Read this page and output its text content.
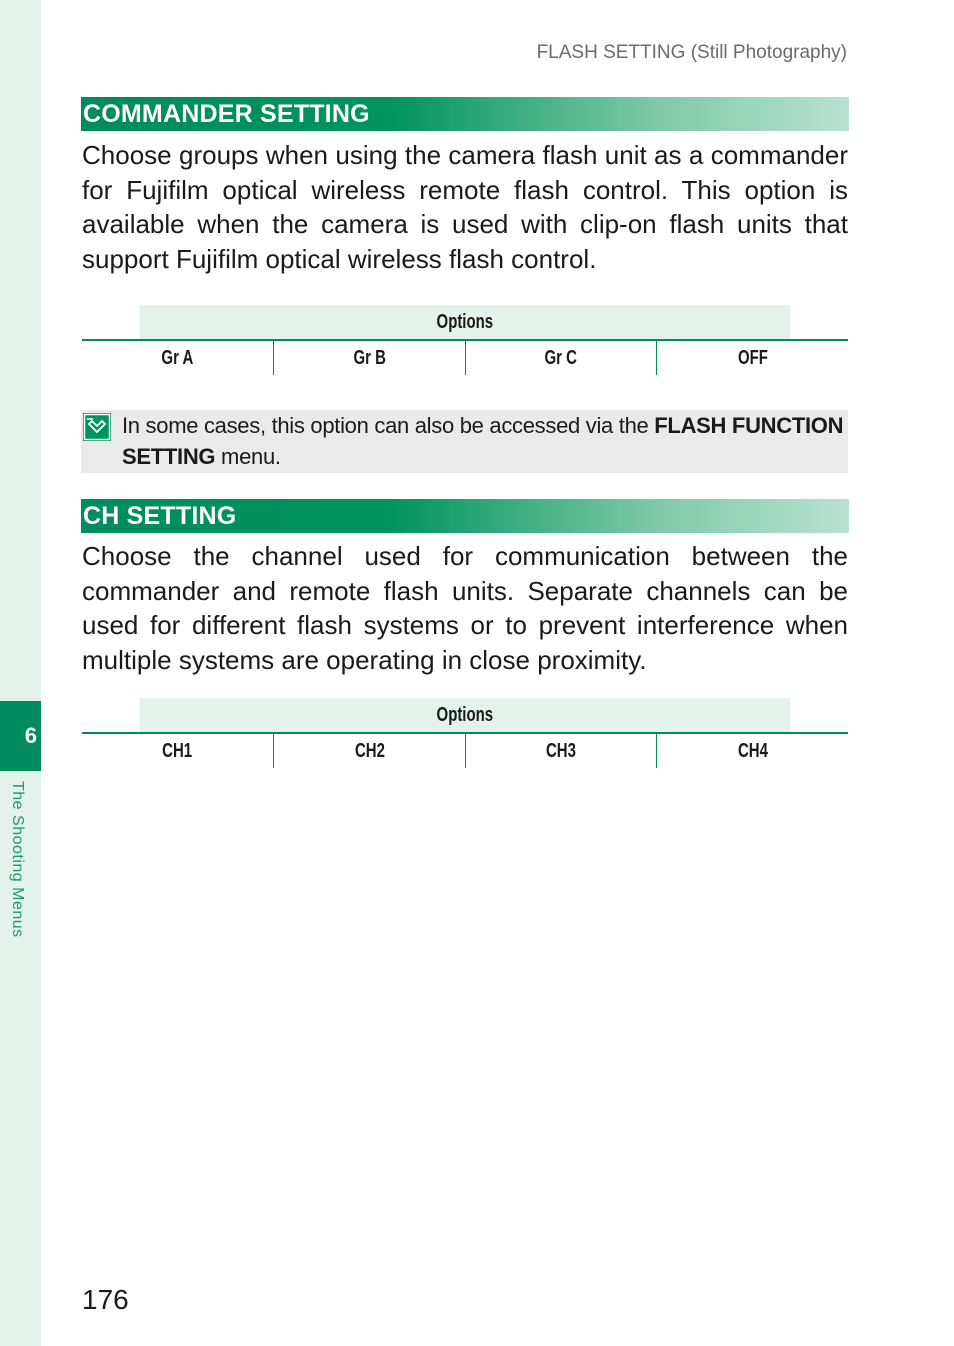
6
The Shooting Menus
FLASH SETTING (Still Photography)
COMMANDER SETTING
Choose groups when using the camera flash unit as a commander for Fujifilm optical wireless remote flash control. This option is available when the camera is used with clip-on flash units that support Fujifilm optical wireless flash control.
Options
Gr A	Gr B	Gr C	OFF
In some cases, this option can also be accessed via the FLASH FUNCTION SETTING menu.
CH SETTING
Choose the channel used for communication between the commander and remote flash units. Separate channels can be used for different flash systems or to prevent interference when multiple systems are operating in close proximity.
Options
CH1	CH2	CH3	CH4
176
